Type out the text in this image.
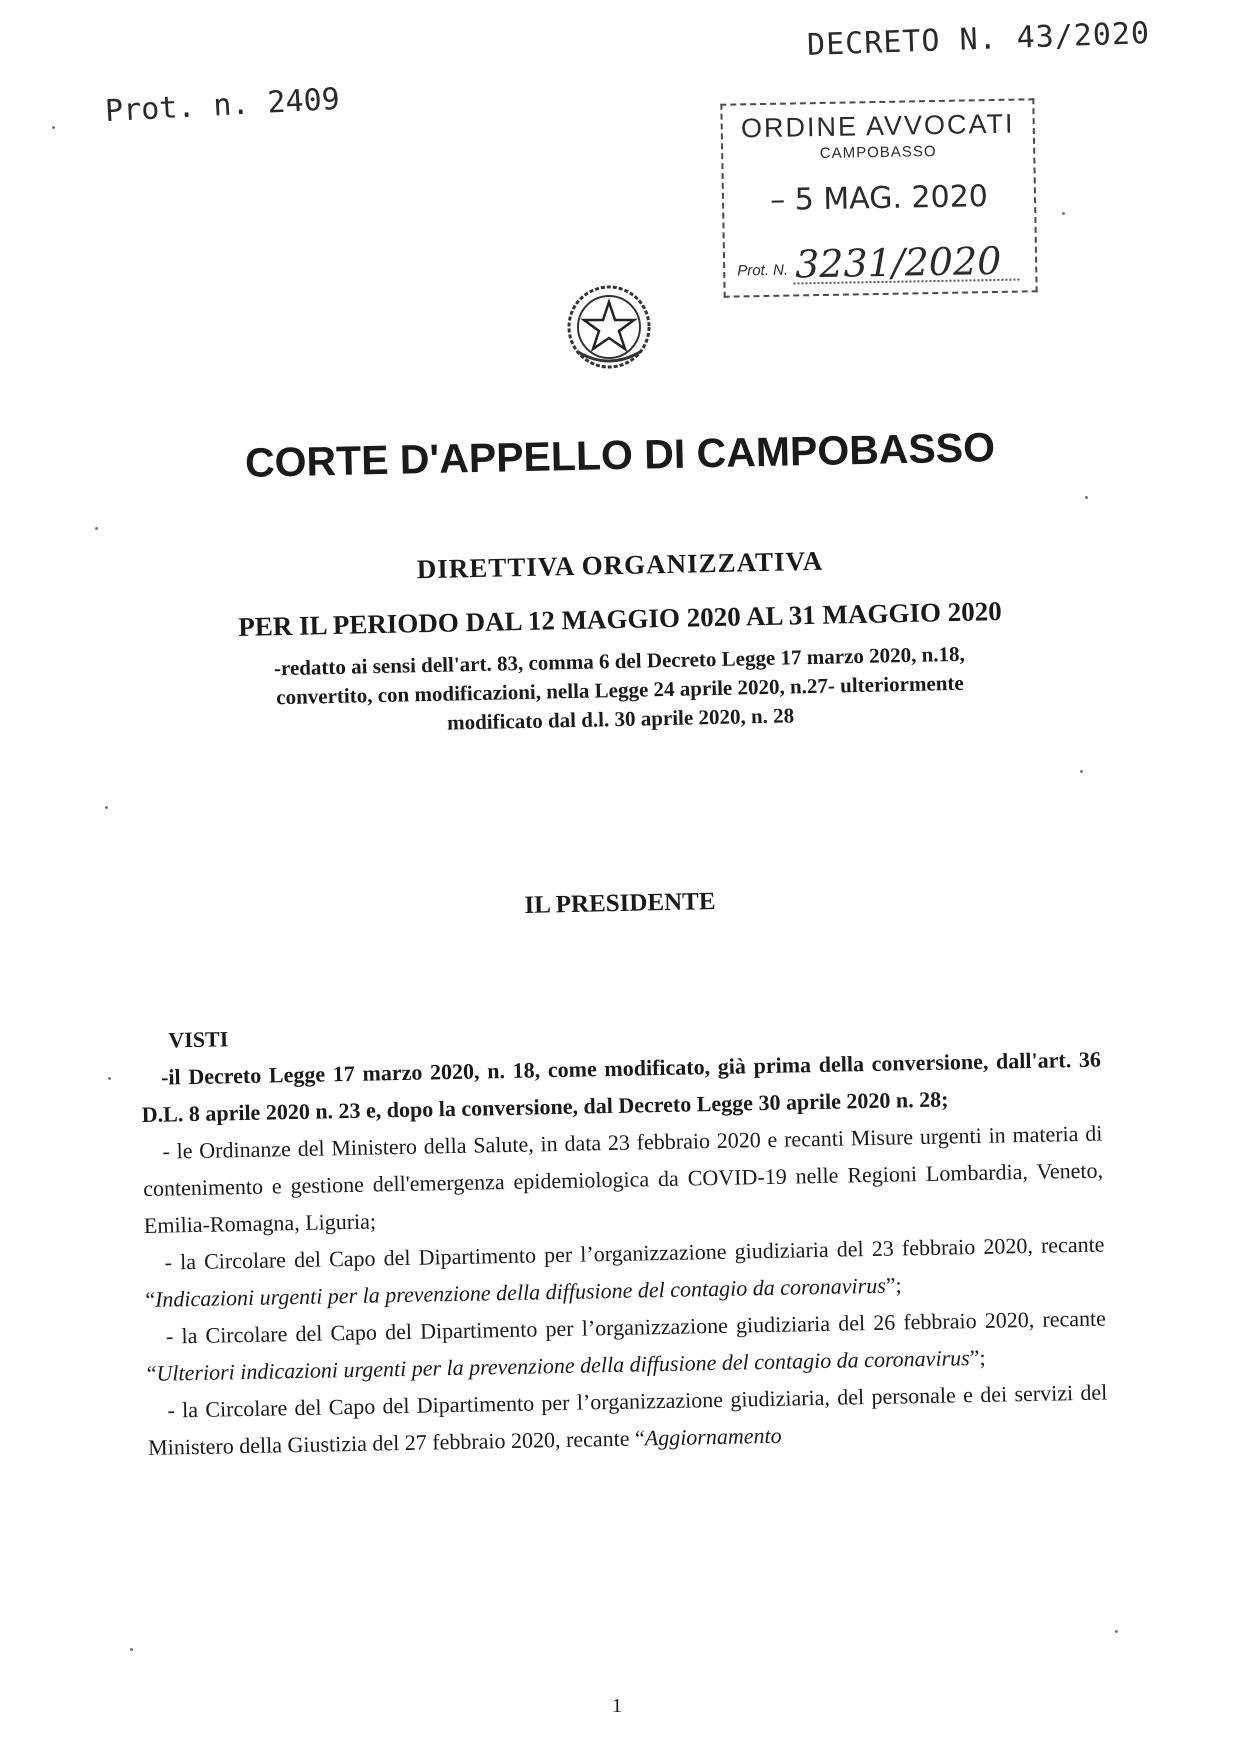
DECRETO N. 43/2020
Prot. n. 2409	ORDINE AVVOCATI
CAMPOBASSO
– 5 MAG. 2020
Prot. N. 3231/2020
CORTE D'APPELLO DI CAMPOBASSO
DIRETTIVA ORGANIZZATIVA
PER IL PERIODO DAL 12 MAGGIO 2020 AL 31 MAGGIO 2020
-redatto ai sensi dell'art. 83, comma 6 del Decreto Legge 17 marzo 2020, n.18,
convertito, con modificazioni, nella Legge 24 aprile 2020, n.27- ulteriormente
modificato dal d.l. 30 aprile 2020, n. 28
IL PRESIDENTE

VISTI

-il Decreto Legge 17 marzo 2020, n. 18, come modificato, già prima della conversione, dall'art. 36 D.L. 8 aprile 2020 n. 23 e, dopo la conversione, dal Decreto Legge 30 aprile 2020 n. 28;

- le Ordinanze del Ministero della Salute, in data 23 febbraio 2020 e recanti Misure urgenti in materia di contenimento e gestione dell'emergenza epidemiologica da COVID-19 nelle Regioni Lombardia, Veneto, Emilia-Romagna, Liguria;

- la Circolare del Capo del Dipartimento per l’organizzazione giudiziaria del 23 febbraio 2020, recante “Indicazioni urgenti per la prevenzione della diffusione del contagio da coronavirus”;

- la Circolare del Capo del Dipartimento per l’organizzazione giudiziaria del 26 febbraio 2020, recante “Ulteriori indicazioni urgenti per la prevenzione della diffusione del contagio da coronavirus”;

- la Circolare del Capo del Dipartimento per l’organizzazione giudiziaria, del personale e dei servizi del Ministero della Giustizia del 27 febbraio 2020, recante “Aggiornamento

1
